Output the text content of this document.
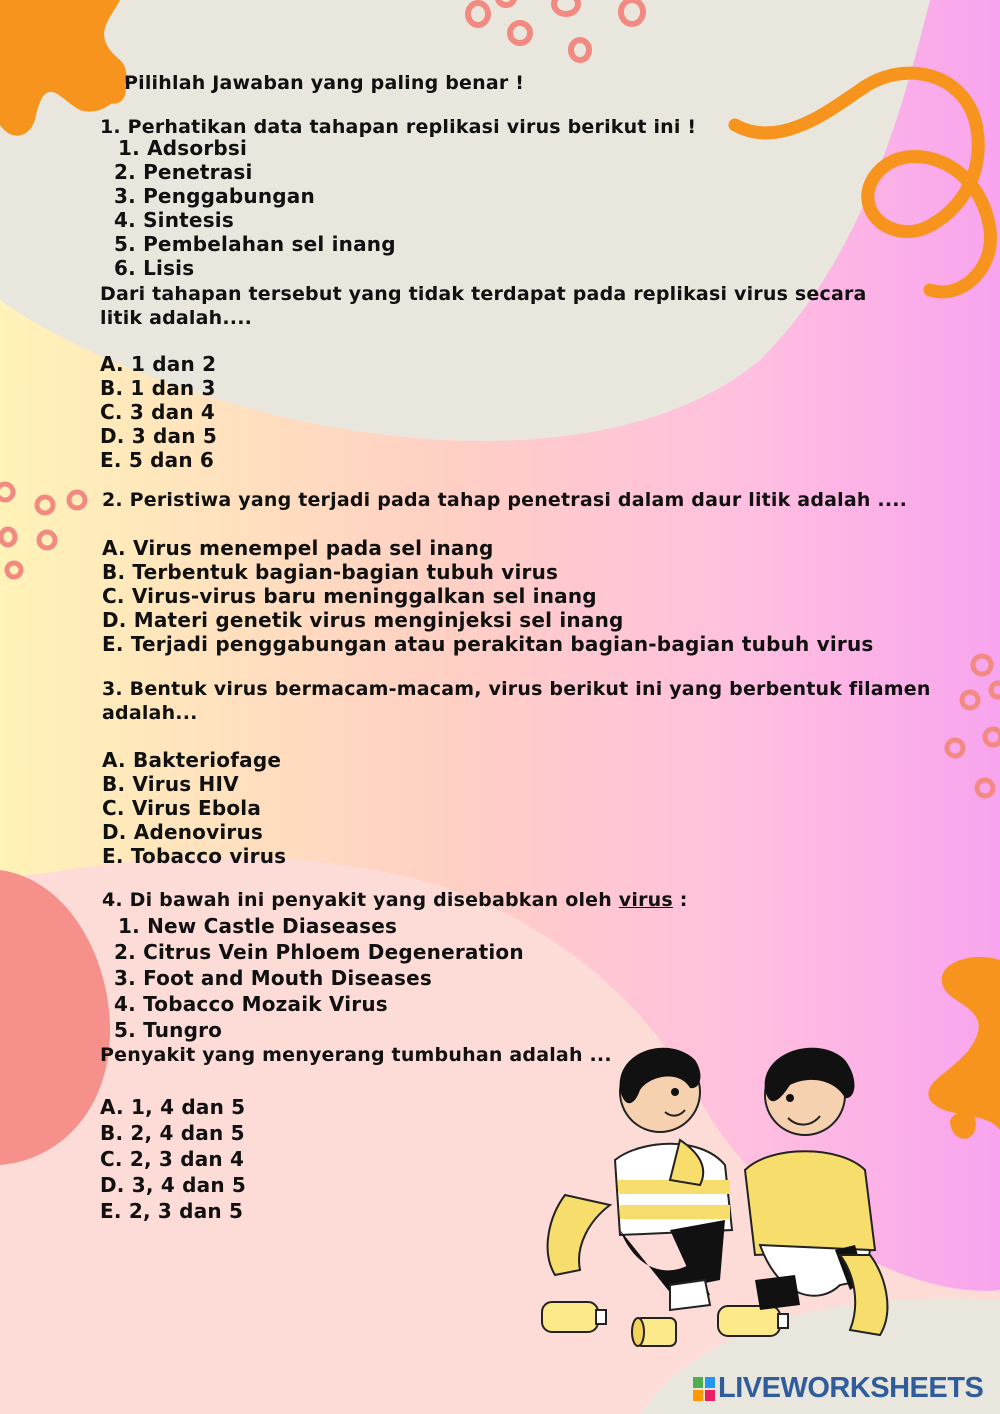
Pilihlah Jawaban yang paling benar !
1. Perhatikan data tahapan replikasi virus berikut ini !
1. Adsorbsi
2. Penetrasi
3. Penggabungan
4. Sintesis
5. Pembelahan sel inang
6. Lisis
Dari tahapan tersebut yang tidak terdapat pada replikasi virus secara
litik adalah....
A. 1 dan 2
B. 1 dan 3
C. 3 dan 4
D. 3 dan 5
E. 5 dan 6
2. Peristiwa yang terjadi pada tahap penetrasi dalam daur litik adalah ....
A. Virus menempel pada sel inang
B. Terbentuk bagian-bagian tubuh virus
C. Virus-virus baru meninggalkan sel inang
D. Materi genetik virus menginjeksi sel inang
E. Terjadi penggabungan atau perakitan bagian-bagian tubuh virus
3. Bentuk virus bermacam-macam, virus berikut ini yang berbentuk filamen
adalah...
A. Bakteriofage
B. Virus HIV
C. Virus Ebola
D. Adenovirus
E. Tobacco virus
4. Di bawah ini penyakit yang disebabkan oleh virus :
1. New Castle Diaseases
2. Citrus Vein Phloem Degeneration
3. Foot and Mouth Diseases
4. Tobacco Mozaik Virus
5. Tungro
Penyakit yang menyerang tumbuhan adalah ...
A. 1, 4 dan 5
B. 2, 4 dan 5
C. 2, 3 dan 4
D. 3, 4 dan 5
E. 2, 3 dan 5
LIVEWORKSHEETS
